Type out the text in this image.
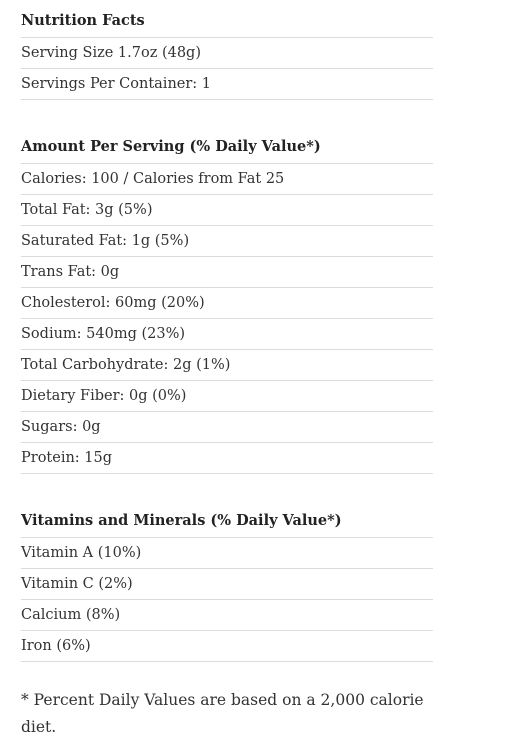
Nutrition Facts
Serving Size 1.7oz (48g)
Servings Per Container: 1
Amount Per Serving (% Daily Value*)
Calories: 100 / Calories from Fat 25
Total Fat: 3g (5%)
Saturated Fat: 1g (5%)
Trans Fat: 0g
Cholesterol: 60mg (20%)
Sodium: 540mg (23%)
Total Carbohydrate: 2g (1%)
Dietary Fiber: 0g (0%)
Sugars: 0g
Protein: 15g
Vitamins and Minerals (% Daily Value*)
Vitamin A (10%)
Vitamin C (2%)
Calcium (8%)
Iron (6%)
* Percent Daily Values are based on a 2,000 calorie diet.
